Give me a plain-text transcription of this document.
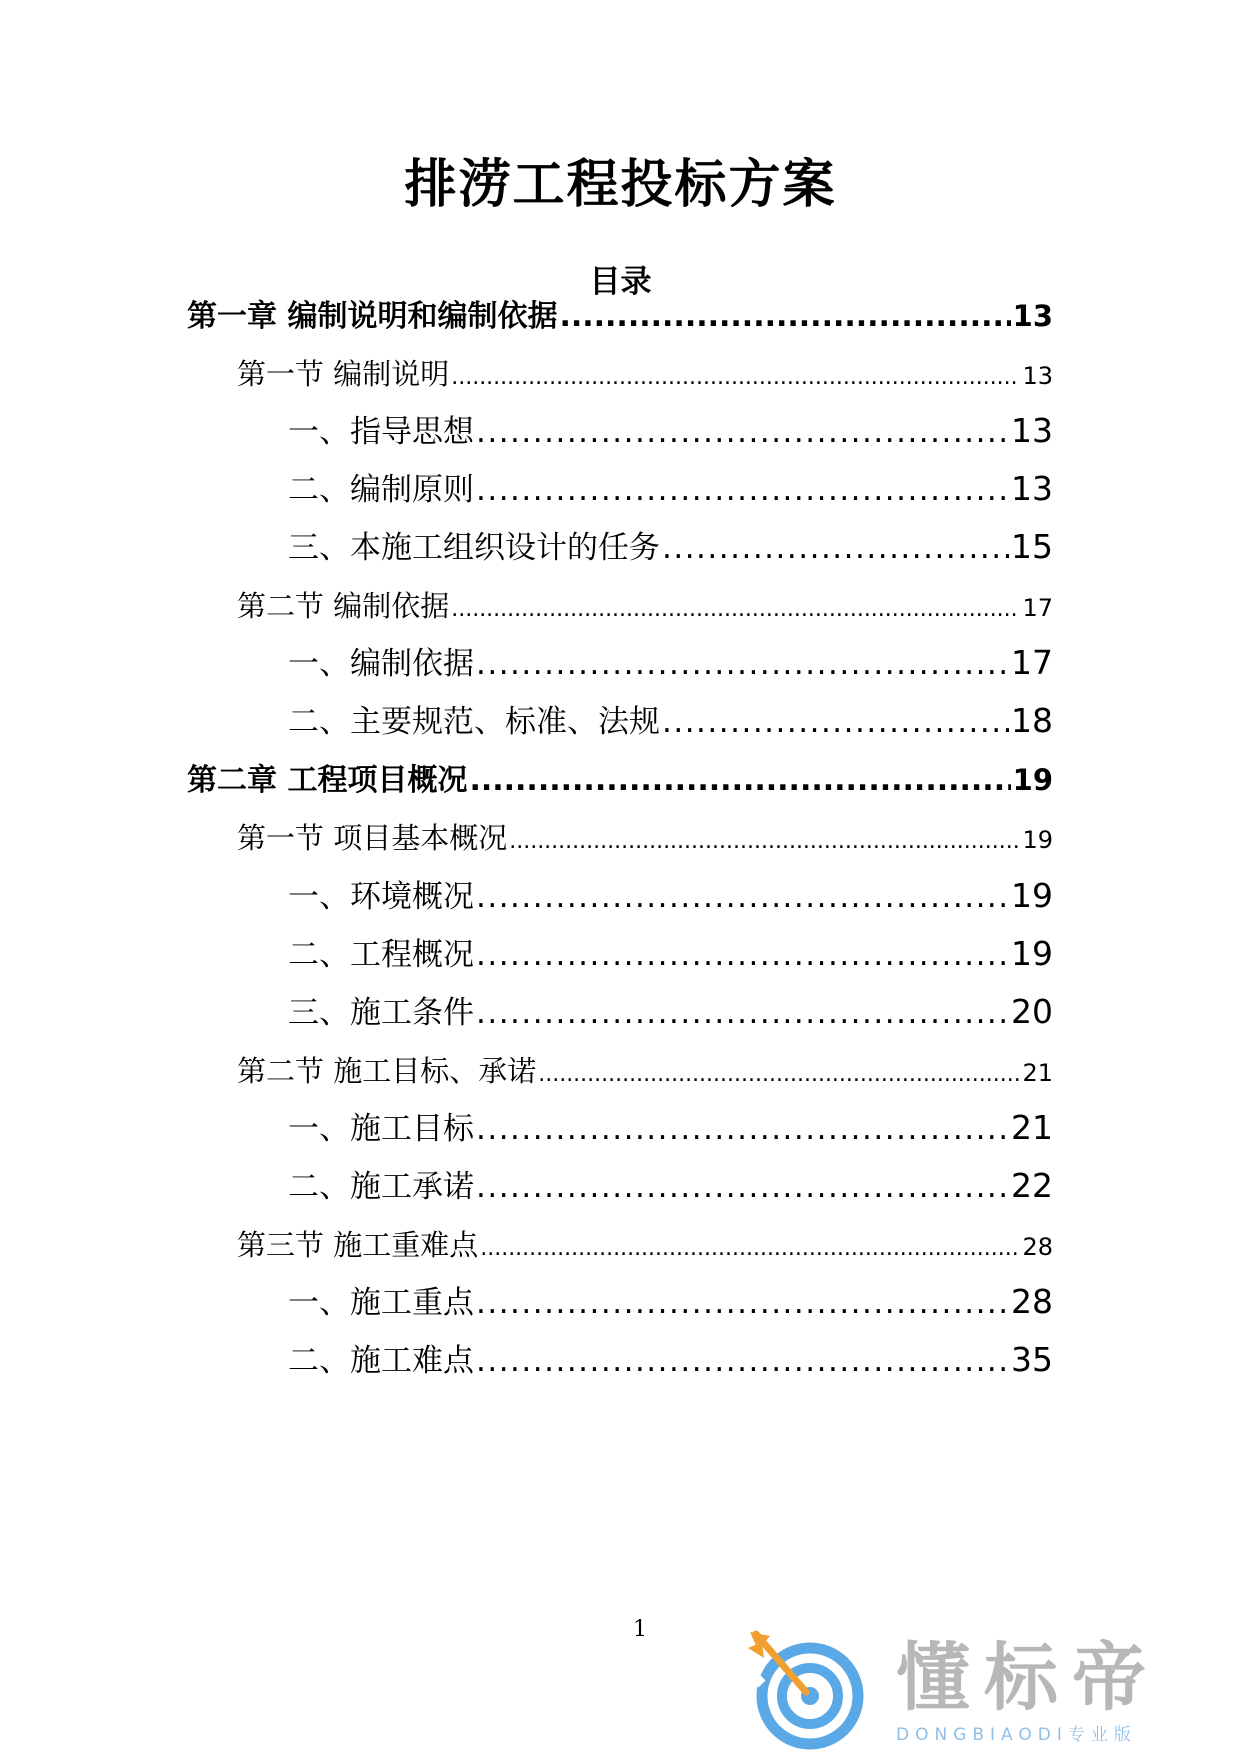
排涝工程投标方案
目录
第一章 编制说明和编制依据 .....	13
第一节 编制说明 .....	13
一、指导思想 .....	13
二、编制原则 .....	13
三、本施工组织设计的任务 .....	15
第二节 编制依据 .....	17
一、编制依据 .....	17
二、主要规范、标准、法规 .....	18
第二章 工程项目概况 .....	19
第一节 项目基本概况 .....	19
一、环境概况 .....	19
二、工程概况 .....	19
三、施工条件 .....	20
第二节 施工目标、承诺 .....	21
一、施工目标 .....	21
二、施工承诺 .....	22
第三节 施工重难点 .....	28
一、施工重点 .....	28
二、施工难点 .....	35
1
懂标帝
DONGBIAODI专业版
